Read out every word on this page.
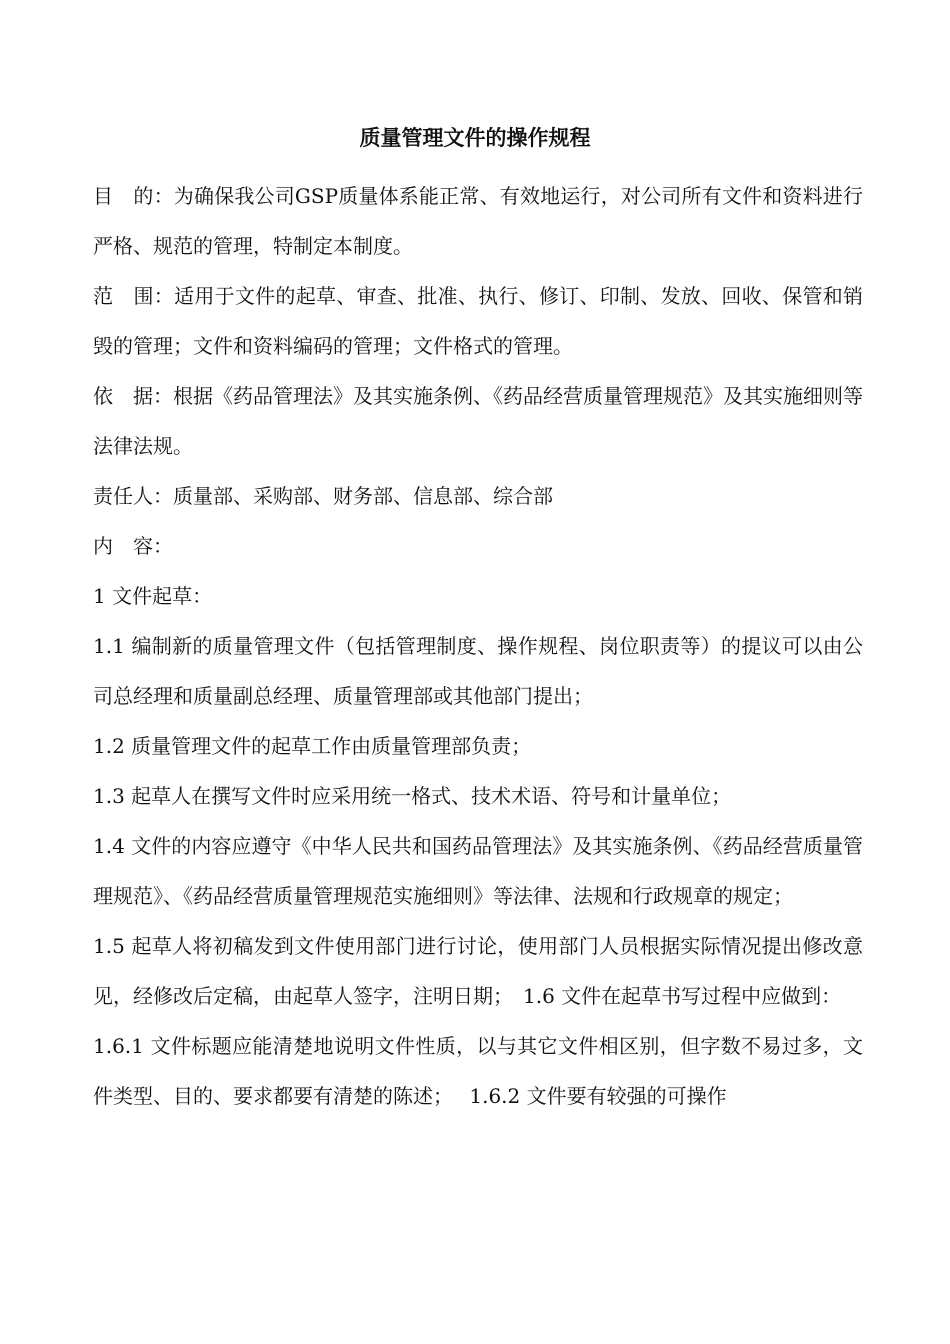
质量管理文件的操作规程

目　的：为确保我公司GSP质量体系能正常、有效地运行，对公司所有文件和资料进行严格、规范的管理，特制定本制度。

范　围：适用于文件的起草、审查、批准、执行、修订、印制、发放、回收、保管和销毁的管理；文件和资料编码的管理；文件格式的管理。

依　据：根据《药品管理法》及其实施条例、《药品经营质量管理规范》及其实施细则等法律法规。

责任人：质量部、采购部、财务部、信息部、综合部

内　容：

1 文件起草：

1.1 编制新的质量管理文件（包括管理制度、操作规程、岗位职责等）的提议可以由公司总经理和质量副总经理、质量管理部或其他部门提出；

1.2 质量管理文件的起草工作由质量管理部负责；

1.3 起草人在撰写文件时应采用统一格式、技术术语、符号和计量单位；

1.4 文件的内容应遵守《中华人民共和国药品管理法》及其实施条例、《药品经营质量管理规范》、《药品经营质量管理规范实施细则》等法律、法规和行政规章的规定；

1.5 起草人将初稿发到文件使用部门进行讨论，使用部门人员根据实际情况提出修改意见，经修改后定稿，由起草人签字，注明日期；　1.6 文件在起草书写过程中应做到：

1.6.1 文件标题应能清楚地说明文件性质，以与其它文件相区别，但字数不易过多，文件类型、目的、要求都要有清楚的陈述；　 1.6.2 文件要有较强的可操作
